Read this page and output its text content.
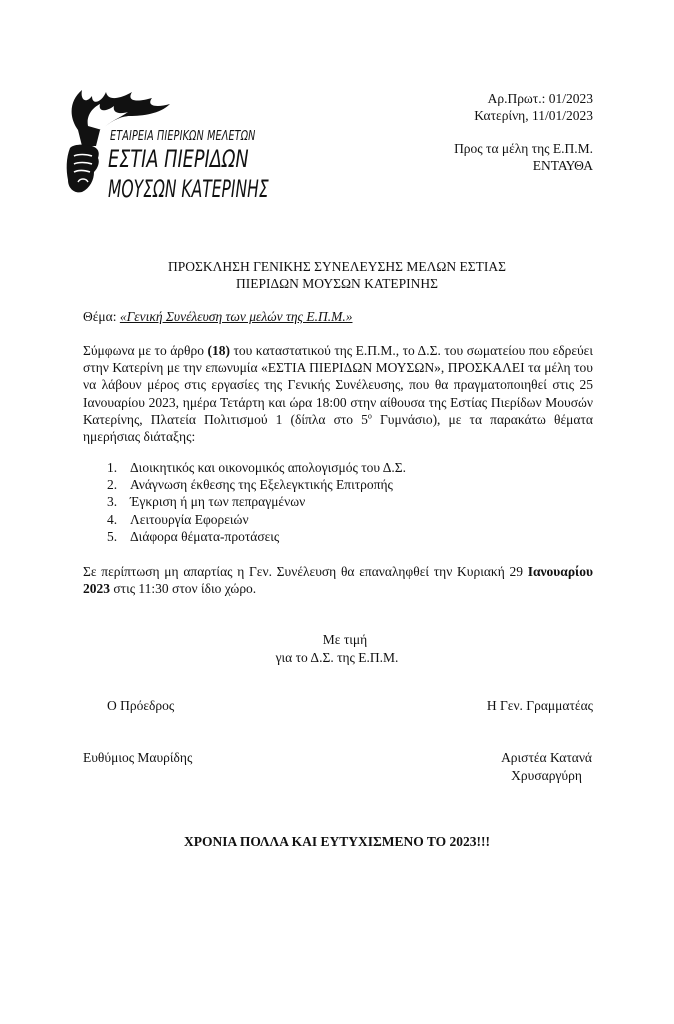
ΕΤΑΙΡΕΙΑ ΠΙΕΡΙΚΩΝ ΜΕΛΕΤΩΝ
ΕΣΤΙΑ ΠΙΕΡΙΔΩΝ
ΜΟΥΣΩΝ ΚΑΤΕΡΙΝΗΣ
Αρ.Πρωτ.: 01/2023
Κατερίνη, 11/01/2023
Προς τα μέλη της Ε.Π.Μ.
ΕΝΤΑΥΘΑ
ΠΡΟΣΚΛΗΣΗ ΓΕΝΙΚΗΣ ΣΥΝΕΛΕΥΣΗΣ ΜΕΛΩΝ ΕΣΤΙΑΣ
ΠΙΕΡΙΔΩΝ ΜΟΥΣΩΝ ΚΑΤΕΡΙΝΗΣ
Θέμα: «Γενική Συνέλευση των μελών της Ε.Π.Μ.»
Σύμφωνα με το άρθρο (18) του καταστατικού της Ε.Π.Μ., το Δ.Σ. του σωματείου που εδρεύει στην Κατερίνη με την επωνυμία «ΕΣΤΙΑ ΠΙΕΡΙΔΩΝ ΜΟΥΣΩΝ», ΠΡΟΣΚΑΛΕΙ τα μέλη του να λάβουν μέρος στις εργασίες της Γενικής Συνέλευσης, που θα πραγματοποιηθεί στις 25 Ιανουαρίου 2023, ημέρα Τετάρτη και ώρα 18:00 στην αίθουσα της Εστίας Πιερίδων Μουσών Κατερίνης, Πλατεία Πολιτισμού 1 (δίπλα στο $5^o$ Γυμνάσιο), με τα παρακάτω θέματα ημερήσιας διάταξης:
1. Διοικητικός και οικονομικός απολογισμός του Δ.Σ.
2. Ανάγνωση έκθεσης της Εξελεγκτικής Επιτροπής
3. Έγκριση ή μη των πεπραγμένων
4. Λειτουργία Εφορειών
5. Διάφορα θέματα-προτάσεις
Σε περίπτωση μη απαρτίας η Γεν. Συνέλευση θα επαναληφθεί την Κυριακή 29 Ιανουαρίου 2023 στις 11:30 στον ίδιο χώρο.
Με τιμή
για το Δ.Σ. της Ε.Π.Μ.
Ο Πρόεδρος	Η Γεν. Γραμματέας
Ευθύμιος Μαυρίδης	Αριστέα Κατανά
Χρυσαργύρη
ΧΡΟΝΙΑ ΠΟΛΛΑ ΚΑΙ ΕΥΤΥΧΙΣΜΕΝΟ ΤΟ 2023!!!
